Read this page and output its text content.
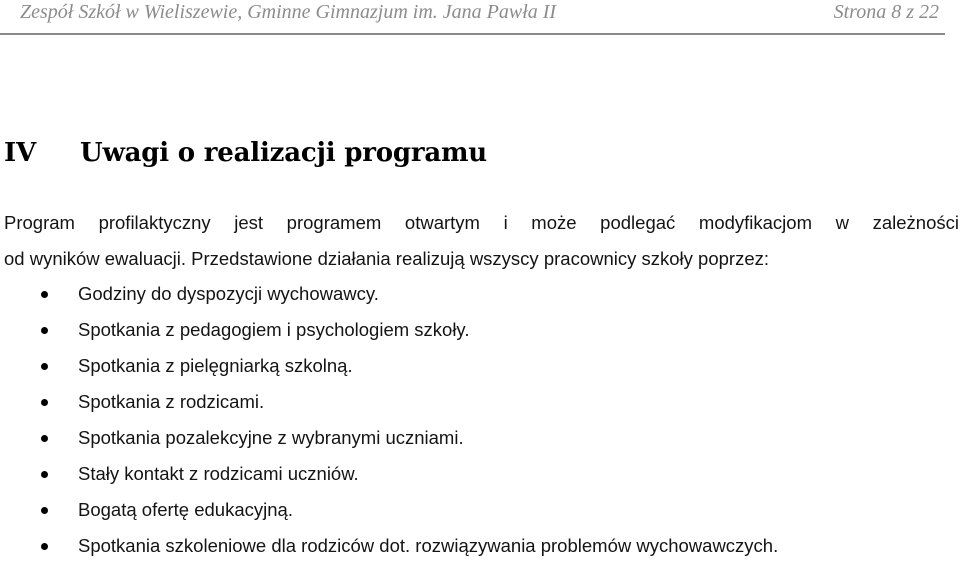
Zespół Szkół w Wieliszewie, Gminne Gimnazjum im. Jana Pawła II	Strona 8 z 22
IV Uwagi o realizacji programu
Program profilaktyczny jest programem otwartym i może podlegać modyfikacjom w zależności
od wyników ewaluacji. Przedstawione działania realizują wszyscy pracownicy szkoły poprzez:
Godziny do dyspozycji wychowawcy.
Spotkania z pedagogiem i psychologiem szkoły.
Spotkania z pielęgniarką szkolną.
Spotkania z rodzicami.
Spotkania pozalekcyjne z wybranymi uczniami.
Stały kontakt z rodzicami uczniów.
Bogatą ofertę edukacyjną.
Spotkania szkoleniowe dla rodziców dot. rozwiązywania problemów wychowawczych.
